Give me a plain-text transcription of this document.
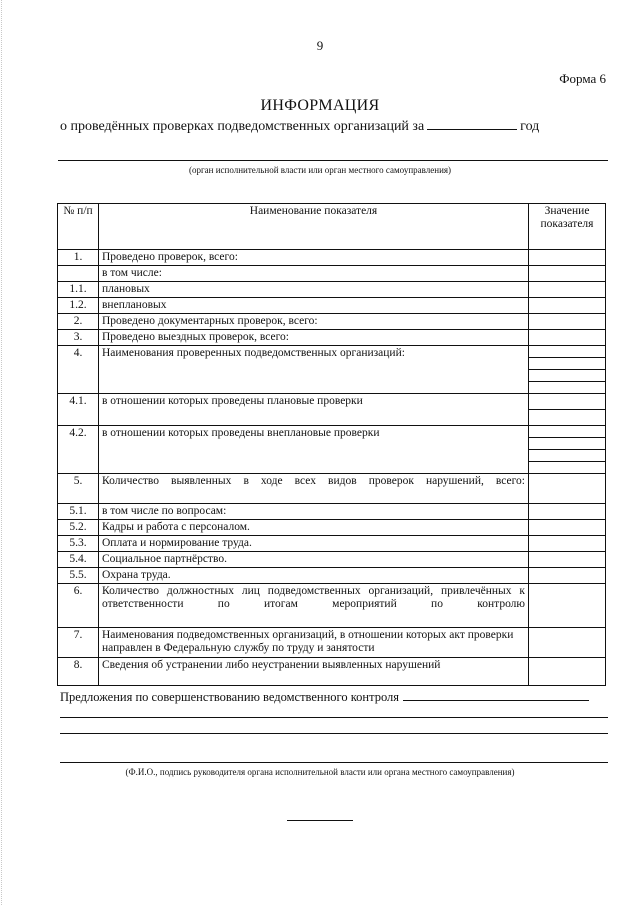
9
Форма 6
ИНФОРМАЦИЯ
о проведённых проверках подведомственных организаций за	год
(орган исполнительной власти или орган местного самоуправления)
№ п/п	Наименование показателя	Значение показателя
1.	Проведено проверок, всего:	
	в том числе:	
1.1.	плановых	
1.2.	внеплановых	
2.	Проведено документарных проверок, всего:	
3.	Проведено выездных проверок, всего:	
4.	Наименования проверенных подведомственных организаций:	

4.1.	в отношении которых проведены плановые проверки	

4.2.	в отношении которых проведены внеплановые проверки	

5.	Количество выявленных в ходе всех видов проверок нарушений, всего:	
5.1.	в том числе по вопросам:	
5.2.	Кадры и работа с персоналом.	
5.3.	Оплата и нормирование труда.	
5.4.	Социальное партнёрство.	
5.5.	Охрана труда.	
6.	Количество должностных лиц подведомственных организаций, привлечённых к ответственности по итогам мероприятий по контролю	
7.	Наименования подведомственных организаций, в отношении которых акт проверки направлен в Федеральную службу по труду и занятости	
8.	Сведения об устранении либо неустранении выявленных нарушений	
Предложения по совершенствованию ведомственного контроля
(Ф.И.О., подпись руководителя органа исполнительной власти или органа местного самоуправления)
